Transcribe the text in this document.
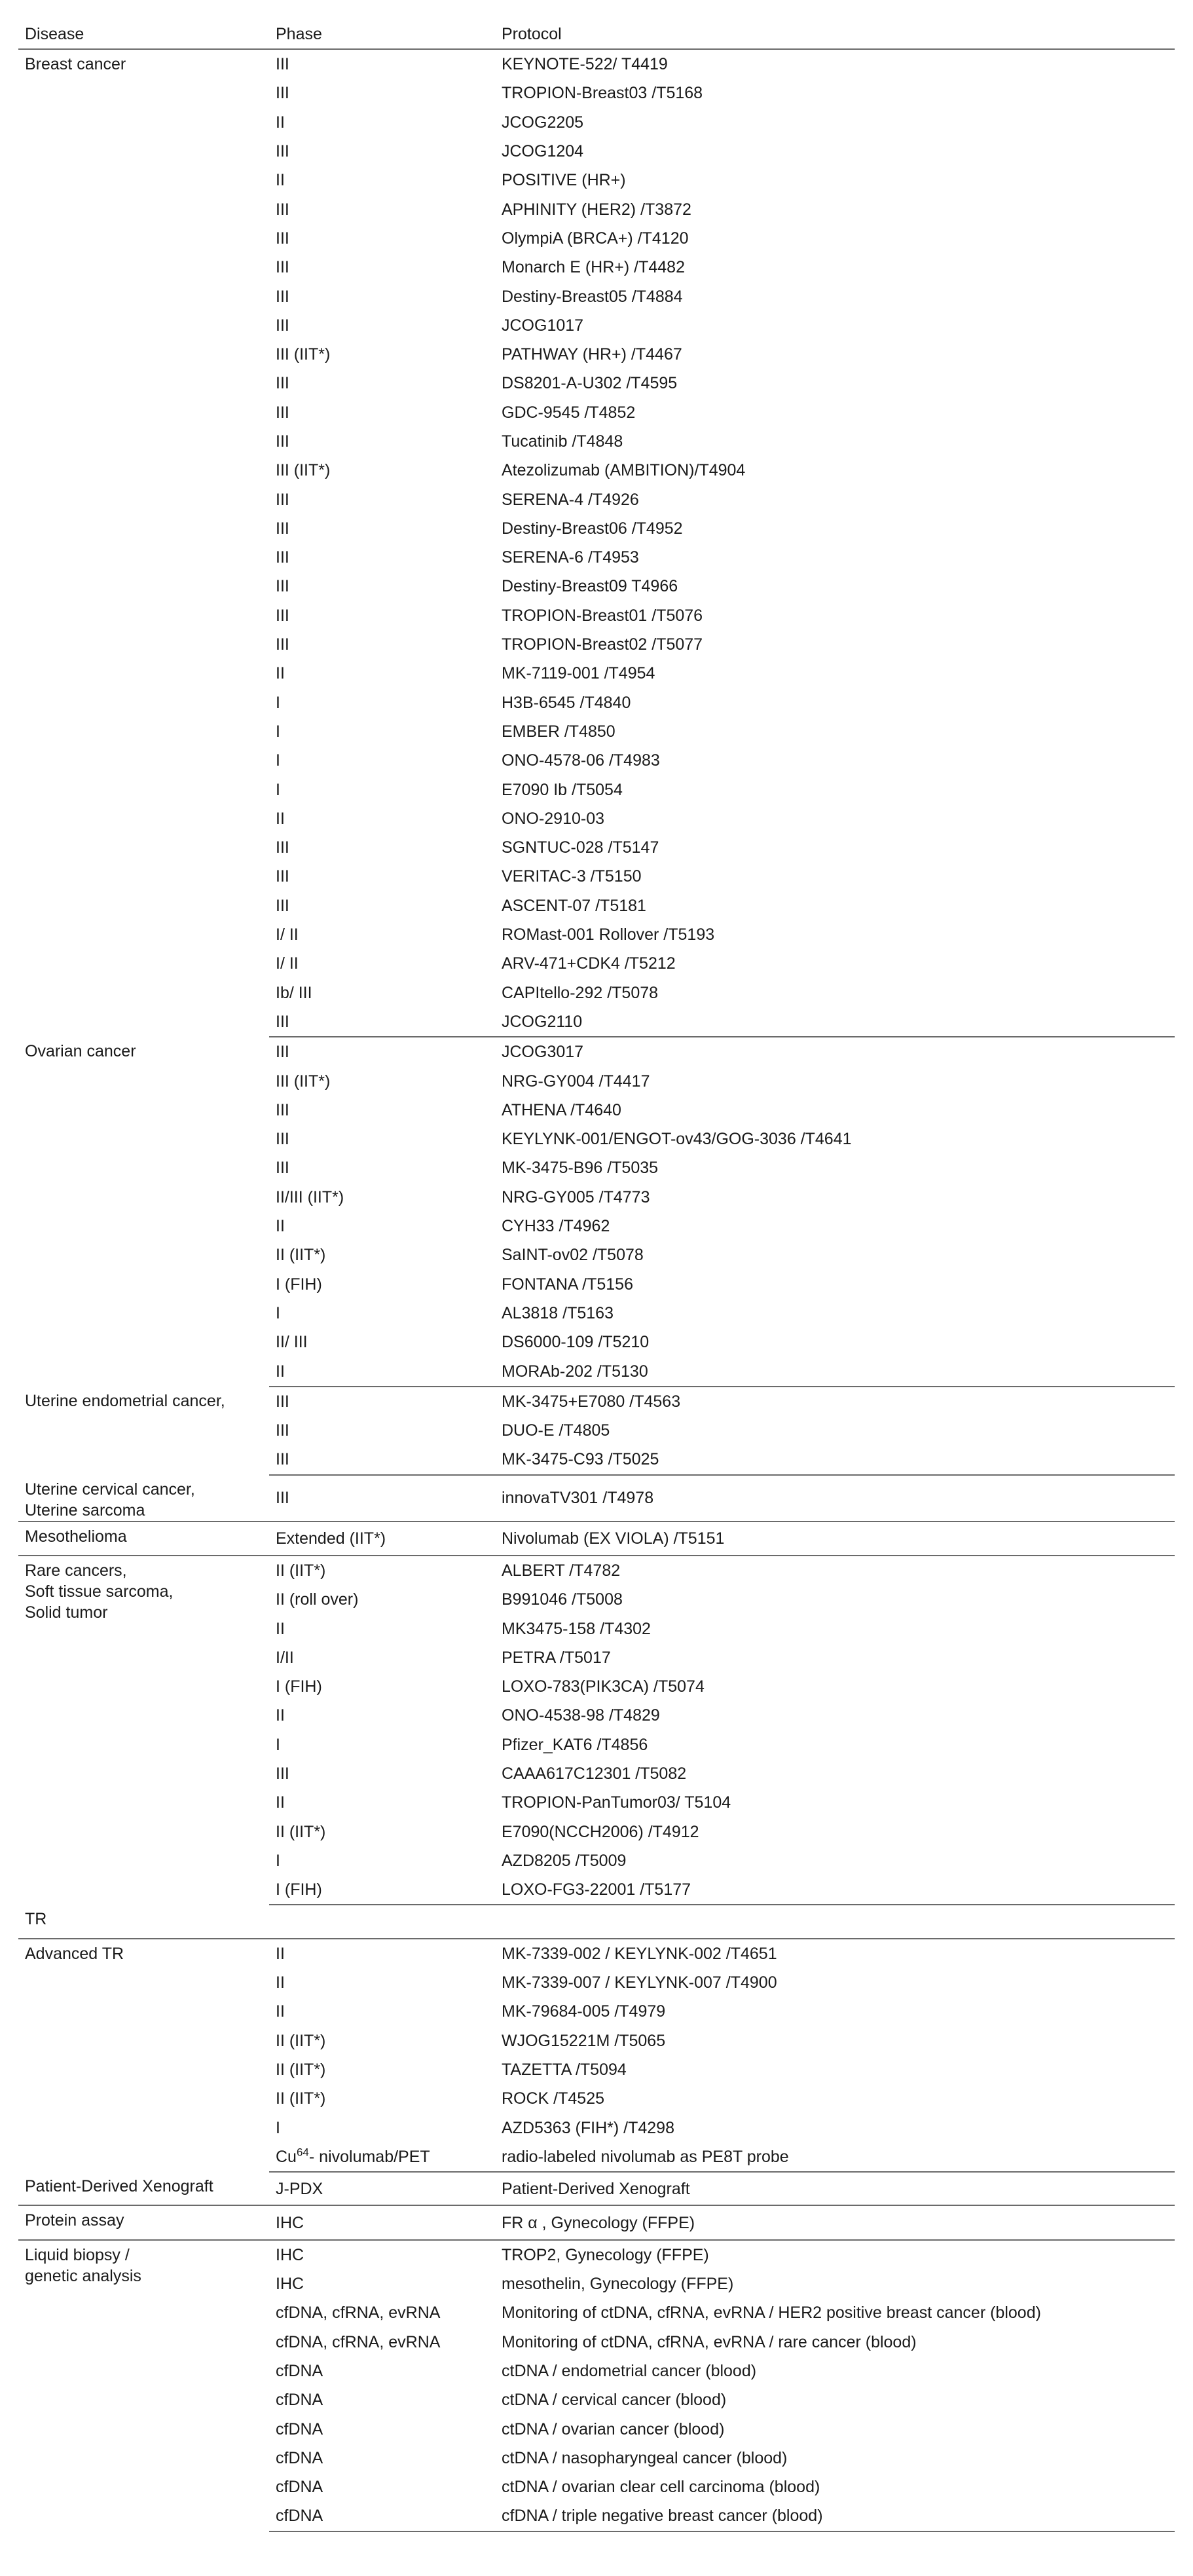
Disease	Phase	Protocol
Breast cancer	III	KEYNOTE-522/ T4419
	III	TROPION-Breast03 /T5168
	II	JCOG2205
	III	JCOG1204
	II	POSITIVE (HR+)
	III	APHINITY (HER2) /T3872
	III	OlympiA (BRCA+) /T4120
	III	Monarch E (HR+) /T4482
	III	Destiny-Breast05 /T4884
	III	JCOG1017
	III (IIT*)	PATHWAY (HR+) /T4467
	III	DS8201-A-U302 /T4595
	III	GDC-9545 /T4852
	III	Tucatinib /T4848
	III (IIT*)	Atezolizumab (AMBITION)/T4904
	III	SERENA-4 /T4926
	III	Destiny-Breast06 /T4952
	III	SERENA-6 /T4953
	III	Destiny-Breast09 T4966
	III	TROPION-Breast01 /T5076
	III	TROPION-Breast02 /T5077
	II	MK-7119-001 /T4954
	I	H3B-6545 /T4840
	I	EMBER /T4850
	I	ONO-4578-06 /T4983
	I	E7090 Ib /T5054
	II	ONO-2910-03
	III	SGNTUC-028 /T5147
	III	VERITAC-3 /T5150
	III	ASCENT-07 /T5181
	I/ II	ROMast-001 Rollover /T5193
	I/ II	ARV-471+CDK4 /T5212
	Ib/ III	CAPItello-292 /T5078
	III	JCOG2110
Ovarian cancer	III	JCOG3017
	III (IIT*)	NRG-GY004 /T4417
	III	ATHENA /T4640
	III	KEYLYNK-001/ENGOT-ov43/GOG-3036 /T4641
	III	MK-3475-B96 /T5035
	II/III (IIT*)	NRG-GY005 /T4773
	II	CYH33 /T4962
	II (IIT*)	SaINT-ov02 /T5078
	I (FIH)	FONTANA /T5156
	I	AL3818 /T5163
	II/ III	DS6000-109 /T5210
	II	MORAb-202 /T5130
Uterine endometrial cancer,	III	MK-3475+E7080 /T4563
	III	DUO-E /T4805
	III	MK-3475-C93 /T5025

Uterine cervical cancer,
Uterine sarcoma	III	innovaTV301 /T4978
Mesothelioma	Extended (IIT*)	Nivolumab (EX VIOLA) /T5151

Rare cancers,
Soft tissue sarcoma,
Solid tumor	II (IIT*)	ALBERT /T4782
	II (roll over)	B991046 /T5008
	II	MK3475-158 /T4302
	I/II	PETRA /T5017
	I (FIH)	LOXO-783(PIK3CA) /T5074
	II	ONO-4538-98 /T4829
	I	Pfizer_KAT6 /T4856
	III	CAAA617C12301 /T5082
	II	TROPION-PanTumor03/ T5104
	II (IIT*)	E7090(NCCH2006) /T4912
	I	AZD8205 /T5009
	I (FIH)	LOXO-FG3-22001 /T5177
TR		
Advanced TR	II	MK-7339-002 / KEYLYNK-002 /T4651
	II	MK-7339-007 / KEYLYNK-007 /T4900
	II	MK-79684-005 /T4979
	II (IIT*)	WJOG15221M /T5065
	II (IIT*)	TAZETTA /T5094
	II (IIT*)	ROCK /T4525
	I	AZD5363 (FIH*) /T4298
	Cu$^{64}$- nivolumab/PET	radio-labeled nivolumab as PE8T probe
Patient-Derived Xenograft	J-PDX	Patient-Derived Xenograft
Protein assay	IHC	FR α , Gynecology (FFPE)

Liquid biopsy /
genetic analysis	IHC	TROP2, Gynecology (FFPE)
	IHC	mesothelin, Gynecology (FFPE)
	cfDNA, cfRNA, evRNA	Monitoring of ctDNA, cfRNA, evRNA / HER2 positive breast cancer (blood)
	cfDNA, cfRNA, evRNA	Monitoring of ctDNA, cfRNA, evRNA / rare cancer (blood)
	cfDNA	ctDNA / endometrial cancer (blood)
	cfDNA	ctDNA / cervical cancer (blood)
	cfDNA	ctDNA / ovarian cancer (blood)
	cfDNA	ctDNA / nasopharyngeal cancer (blood)
	cfDNA	ctDNA / ovarian clear cell carcinoma (blood)
	cfDNA	cfDNA / triple negative breast cancer (blood)
